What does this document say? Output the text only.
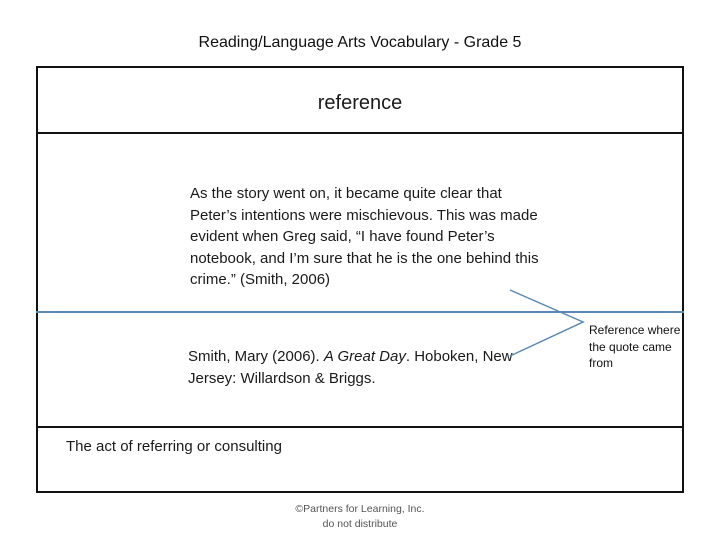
Reading/Language Arts Vocabulary - Grade 5
reference
As the story went on, it became quite clear that Peter’s intentions were mischievous. This was made evident when Greg said, “I have found Peter’s notebook, and I’m sure that he is the one behind this crime.” (Smith, 2006)
Smith, Mary (2006). A Great Day. Hoboken, New Jersey: Willardson & Briggs.
The act of referring or consulting
Reference where the quote came from
©Partners for Learning, Inc.
do not distribute
